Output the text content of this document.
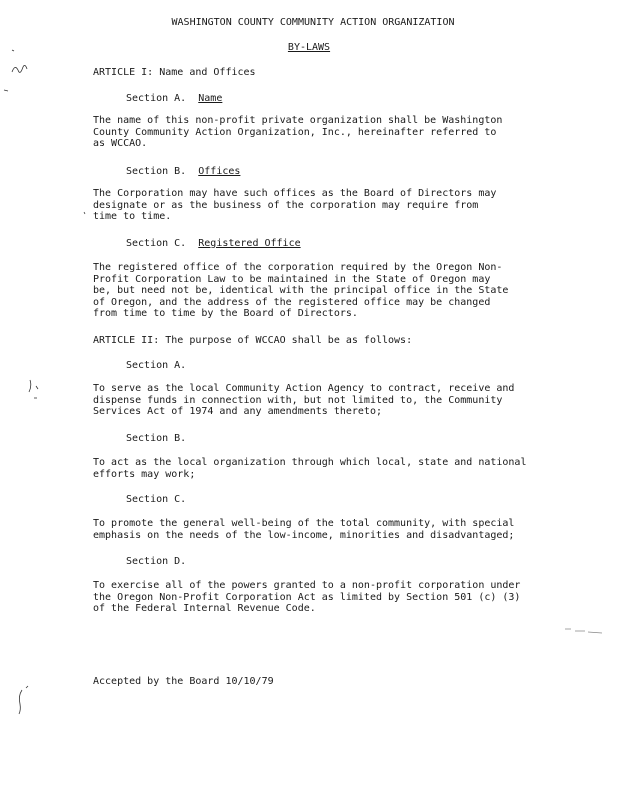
WASHINGTON COUNTY COMMUNITY ACTION ORGANIZATION
BY-LAWS
ARTICLE I: Name and Offices
Section A. Name
The name of this non-profit private organization shall be Washington
County Community Action Organization, Inc., hereinafter referred to
as WCCAO.
Section B. Offices
The Corporation may have such offices as the Board of Directors may
designate or as the business of the corporation may require from
time to time.
Section C. Registered Office
The registered office of the corporation required by the Oregon Non-
Profit Corporation Law to be maintained in the State of Oregon may
be, but need not be, identical with the principal office in the State
of Oregon, and the address of the registered office may be changed
from time to time by the Board of Directors.
ARTICLE II: The purpose of WCCAO shall be as follows:
Section A.
To serve as the local Community Action Agency to contract, receive and
dispense funds in connection with, but not limited to, the Community
Services Act of 1974 and any amendments thereto;
Section B.
To act as the local organization through which local, state and national
efforts may work;
Section C.
To promote the general well-being of the total community, with special
emphasis on the needs of the low-income, minorities and disadvantaged;
Section D.
To exercise all of the powers granted to a non-profit corporation under
the Oregon Non-Profit Corporation Act as limited by Section 501 (c) (3)
of the Federal Internal Revenue Code.
Accepted by the Board 10/10/79
